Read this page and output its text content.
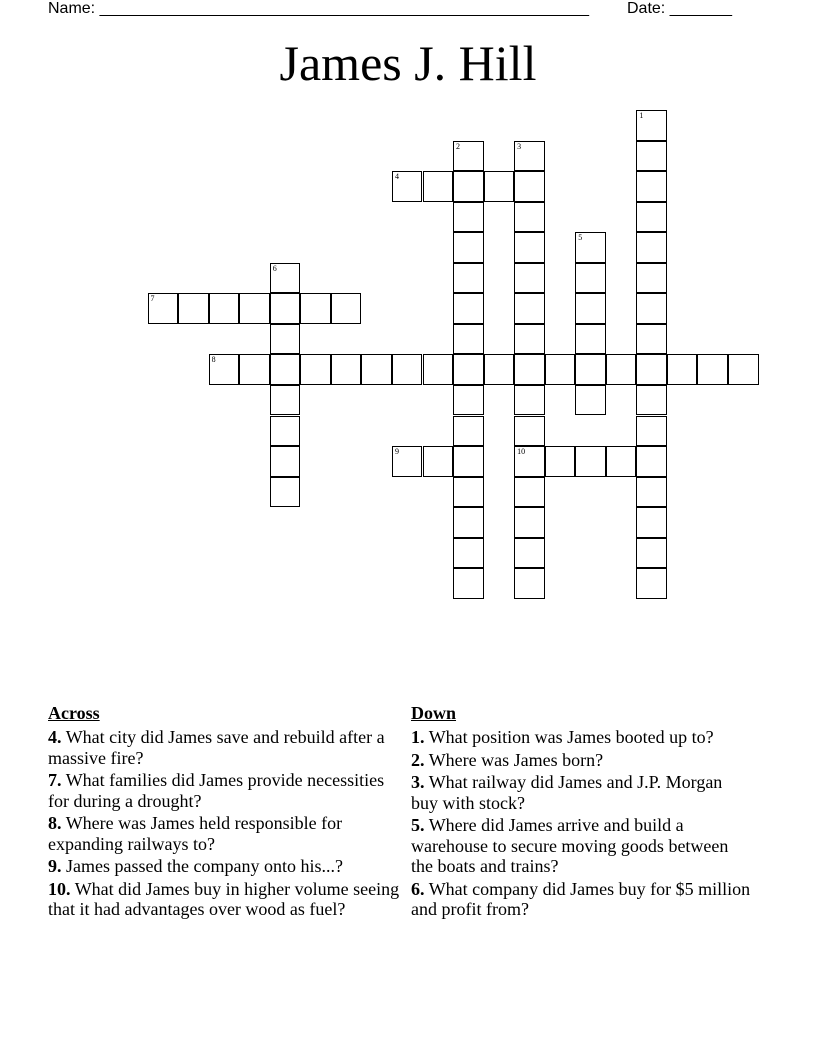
Name: _______________________________________________________ Date: _______
James J. Hill
1
2	3
10
4
5
6
7
8
9
Across
4. What city did James save and rebuild after a massive fire?
7. What families did James provide necessities for during a drought?
8. Where was James held responsible for expanding railways to?
9. James passed the company onto his...?
10. What did James buy in higher volume seeing that it had advantages over wood as fuel?
Down
1. What position was James booted up to?
2. Where was James born?
3. What railway did James and J.P. Morgan buy with stock?
5. Where did James arrive and build a warehouse to secure moving goods between the boats and trains?
6. What company did James buy for $5 million and profit from?
